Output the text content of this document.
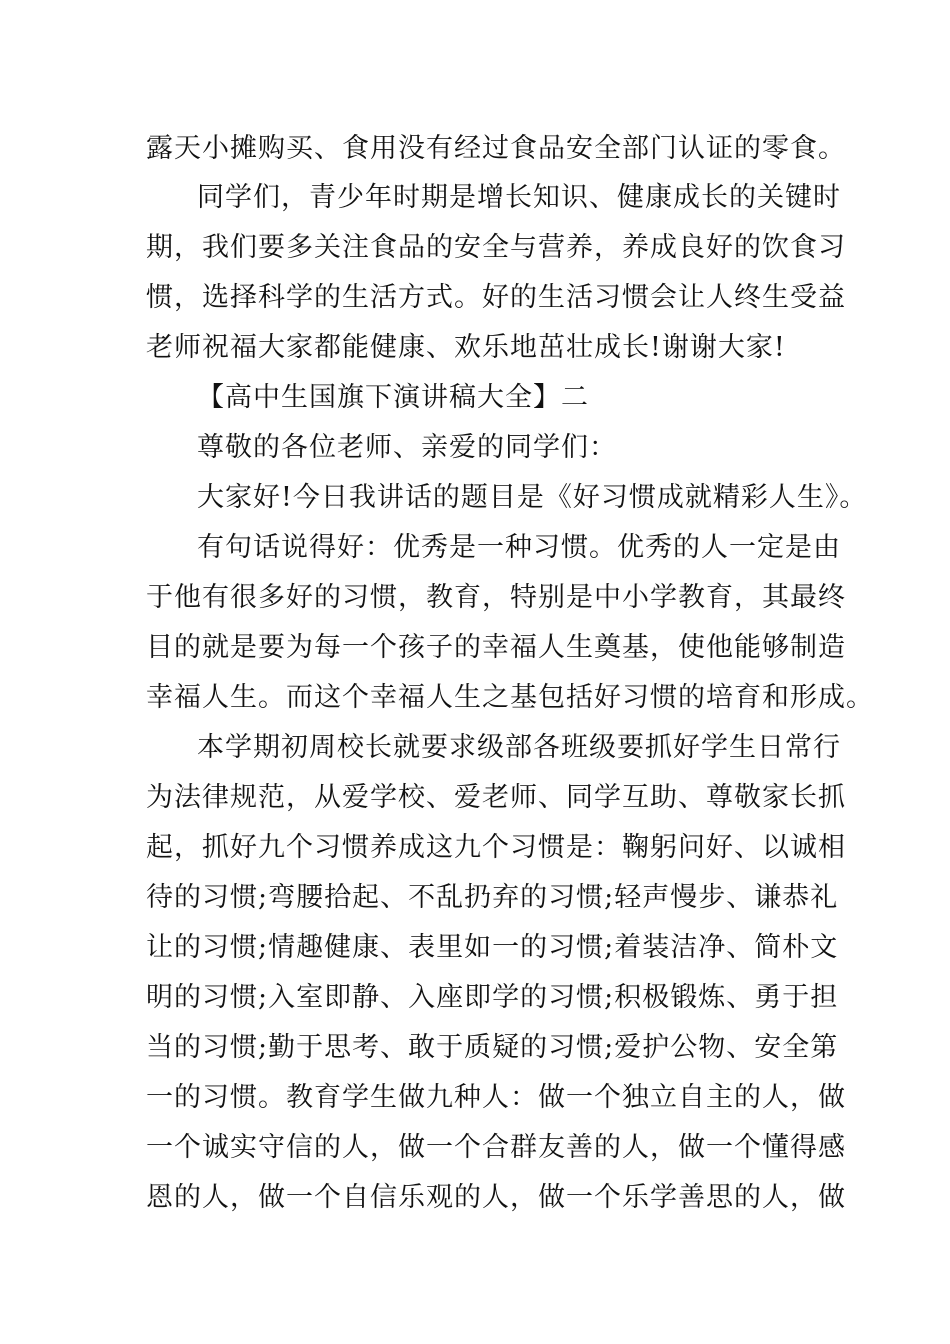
露天小摊购买、食用没有经过食品安全部门认证的零食。
同学们，青少年时期是增长知识、健康成长的关键时
期，我们要多关注食品的安全与营养，养成良好的饮食习
惯，选择科学的生活方式。好的生活习惯会让人终生受益
老师祝福大家都能健康、欢乐地茁壮成长!谢谢大家!
【高中生国旗下演讲稿大全】二
尊敬的各位老师、亲爱的同学们：
大家好!今日我讲话的题目是《好习惯成就精彩人生》。
有句话说得好：优秀是一种习惯。优秀的人一定是由
于他有很多好的习惯，教育，特别是中小学教育，其最终
目的就是要为每一个孩子的幸福人生奠基，使他能够制造
幸福人生。而这个幸福人生之基包括好习惯的培育和形成。
本学期初周校长就要求级部各班级要抓好学生日常行
为法律规范，从爱学校、爱老师、同学互助、尊敬家长抓
起，抓好九个习惯养成这九个习惯是：鞠躬问好、以诚相
待的习惯;弯腰拾起、不乱扔弃的习惯;轻声慢步、谦恭礼
让的习惯;情趣健康、表里如一的习惯;着装洁净、简朴文
明的习惯;入室即静、入座即学的习惯;积极锻炼、勇于担
当的习惯;勤于思考、敢于质疑的习惯;爱护公物、安全第
一的习惯。教育学生做九种人：做一个独立自主的人，做
一个诚实守信的人，做一个合群友善的人，做一个懂得感
恩的人，做一个自信乐观的人，做一个乐学善思的人，做
